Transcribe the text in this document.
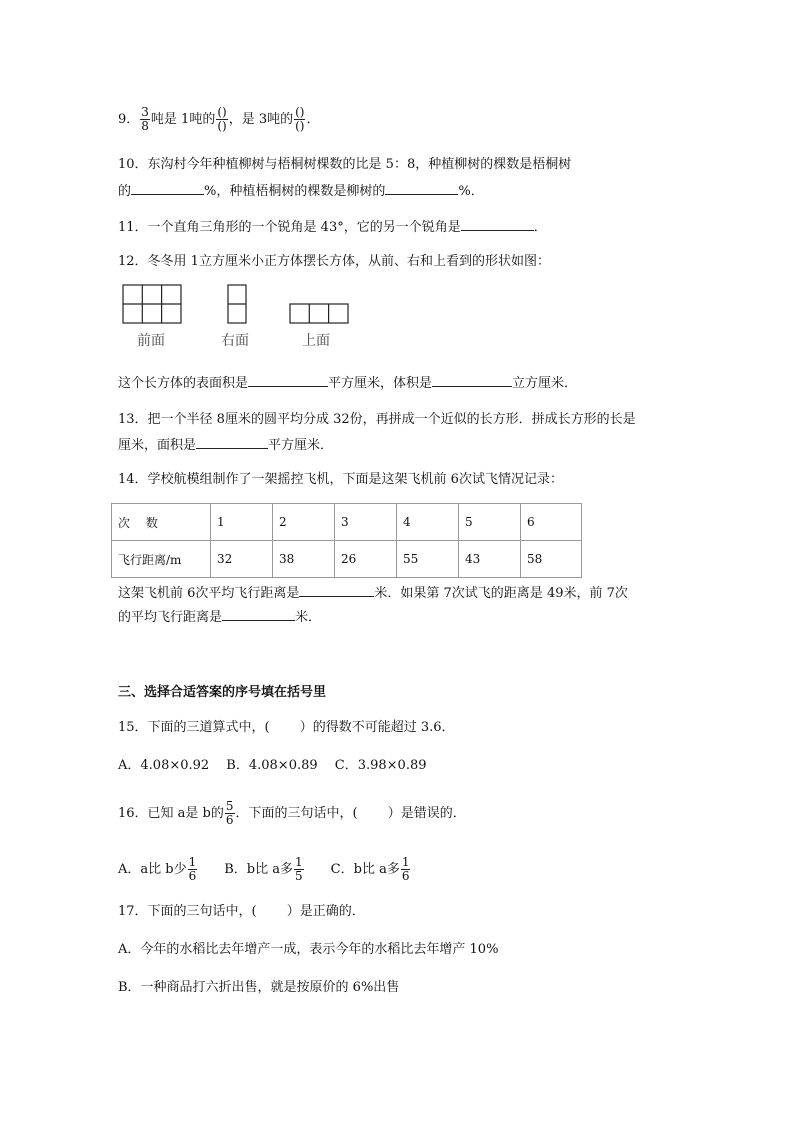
9． $\frac{3}{8}$ 吨是 1吨的 $\frac{()}{()}$ ，是 3吨的 $\frac{()}{()}$ ．
10．东沟村今年种植柳树与梧桐树棵数的比是 5：8，种植柳树的棵数是梧桐树
的	%，种植梧桐树的棵数是柳树的	%．
11．一个直角三角形的一个锐角是 43°，它的另一个锐角是	．
12．冬冬用 1立方厘米小正方体摆长方体，从前、右和上看到的形状如图：
前面	右面	上面
这个长方体的表面积是	平方厘米，体积是	立方厘米．
13．把一个半径 8厘米的圆平均分成 32份，再拼成一个近似的长方形．拼成长方形的长是
厘米，面积是	平方厘米．
14．学校航模组制作了一架摇控飞机，下面是这架飞机前 6次试飞情况记录：
次　 数	1	2	3	4	5	6
飞行距离/m	32	38	26	55	43	58
这架飞机前 6次平均飞行距离是	米．如果第 7次试飞的距离是 49米，前 7次
的平均飞行距离是	米．
三、选择合适答案的序号填在括号里
15．下面的三道算式中，(　　 ）的得数不可能超过 3.6．
A．4.08×0.92　 B．4.08×0.89　 C．3.98×0.89
16．已知 a是 b的 $\frac{5}{6}$ ．下面的三句话中，(　　 ）是错误的．
A．a比 b少 $\frac{1}{6}$
　　 B．b比 a多 $\frac{1}{5}$
　　 C．b比 a多 $\frac{1}{6}$
17．下面的三句话中，(　　 ）是正确的．
A．今年的水稻比去年增产一成，表示今年的水稻比去年增产 10%
B．一种商品打六折出售，就是按原价的 6%出售
